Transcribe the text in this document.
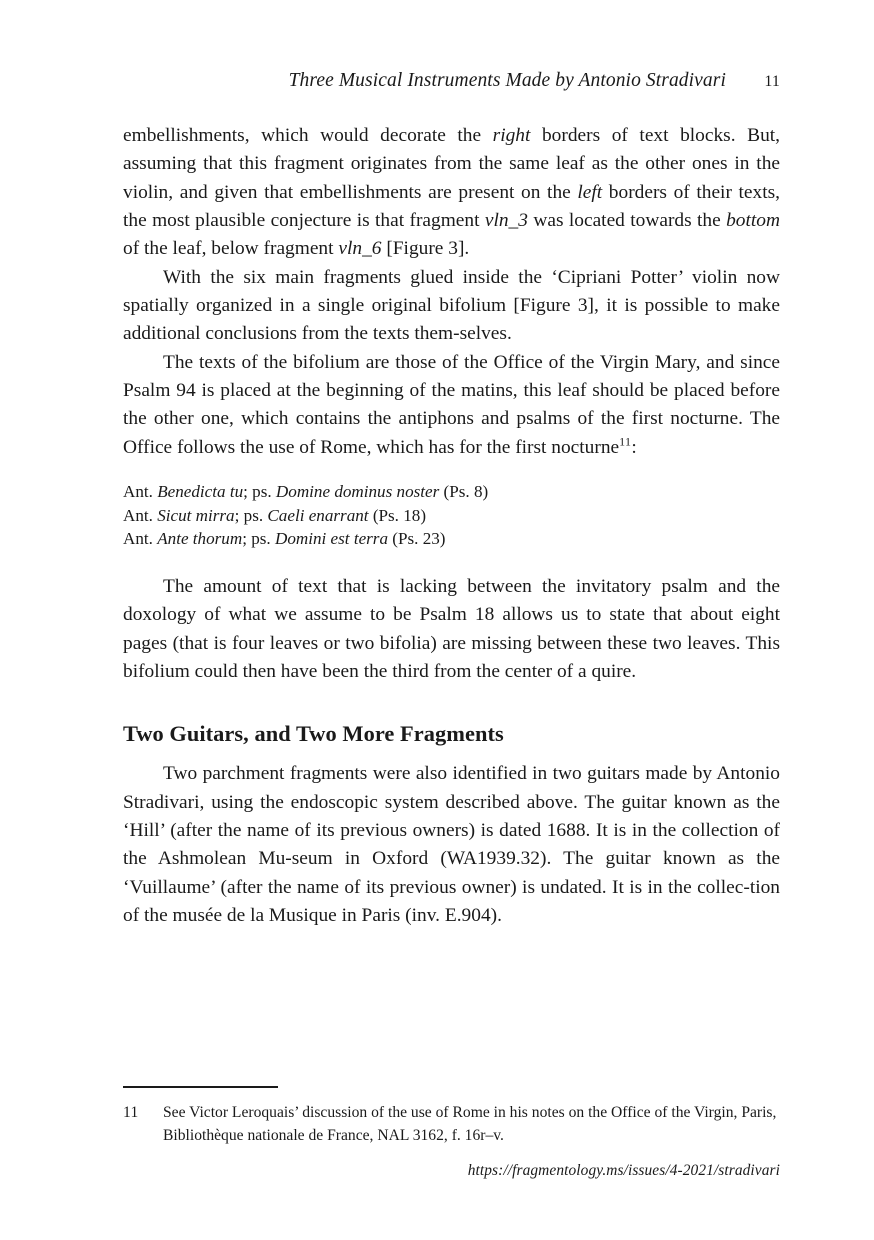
Three Musical Instruments Made by Antonio Stradivari 11

embellishments, which would decorate the right borders of text blocks. But, assuming that this fragment originates from the same leaf as the other ones in the violin, and given that embellishments are present on the left borders of their texts, the most plausible conjecture is that fragment vln_3 was located towards the bottom of the leaf, below fragment vln_6 [Figure 3].

With the six main fragments glued inside the ‘Cipriani Potter’ violin now spatially organized in a single original bifolium [Figure 3], it is possible to make additional conclusions from the texts them-selves.

The texts of the bifolium are those of the Office of the Virgin Mary, and since Psalm 94 is placed at the beginning of the matins, this leaf should be placed before the other one, which contains the antiphons and psalms of the first nocturne. The Office follows the use of Rome, which has for the first nocturne$^{11}$:

Ant. Benedicta tu; ps. Domine dominus noster (Ps. 8)
Ant. Sicut mirra; ps. Caeli enarrant (Ps. 18)
Ant. Ante thorum; ps. Domini est terra (Ps. 23)

The amount of text that is lacking between the invitatory psalm and the doxology of what we assume to be Psalm 18 allows us to state that about eight pages (that is four leaves or two bifolia) are missing between these two leaves. This bifolium could then have been the third from the center of a quire.

Two Guitars, and Two More Fragments

Two parchment fragments were also identified in two guitars made by Antonio Stradivari, using the endoscopic system described above. The guitar known as the ‘Hill’ (after the name of its previous owners) is dated 1688. It is in the collection of the Ashmolean Mu-seum in Oxford (WA1939.32). The guitar known as the ‘Vuillaume’ (after the name of its previous owner) is undated. It is in the collec-tion of the musée de la Musique in Paris (inv. E.904).

11	See Victor Leroquais’ discussion of the use of Rome in his notes on the Office of the Virgin, Paris, Bibliothèque nationale de France, NAL 3162, f. 16r–v.
https://fragmentology.ms/issues/4-2021/stradivari
